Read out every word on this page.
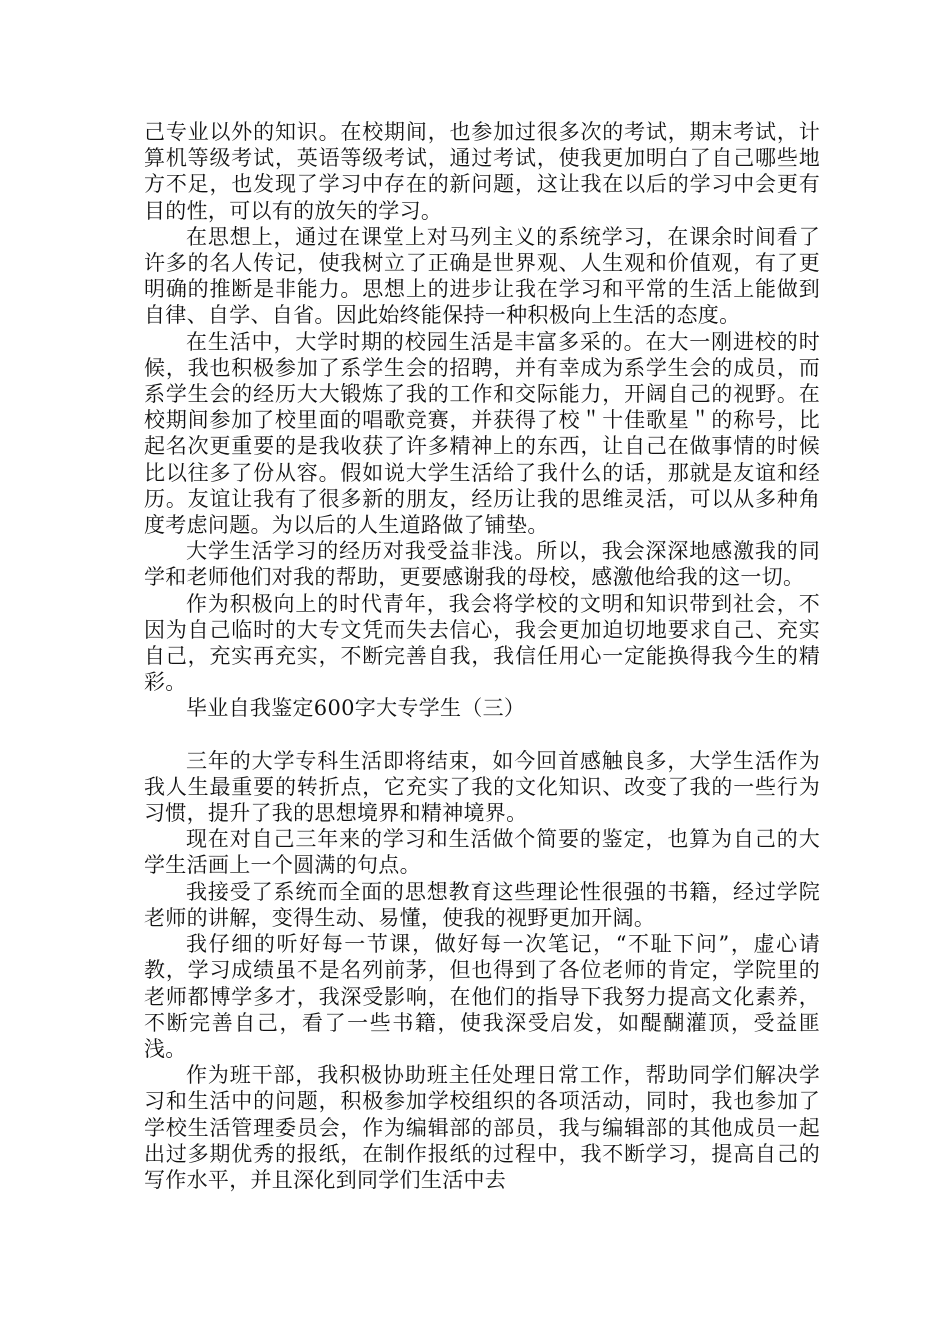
己专业以外的知识。在校期间，也参加过很多次的考试，期末考试，计算机等级考试，英语等级考试，通过考试，使我更加明白了自己哪些地方不足，也发现了学习中存在的新问题，这让我在以后的学习中会更有目的性，可以有的放矢的学习。

在思想上，通过在课堂上对马列主义的系统学习，在课余时间看了许多的名人传记，使我树立了正确是世界观、人生观和价值观，有了更明确的推断是非能力。思想上的进步让我在学习和平常的生活上能做到自律、自学、自省。因此始终能保持一种积极向上生活的态度。

在生活中，大学时期的校园生活是丰富多采的。在大一刚进校的时候，我也积极参加了系学生会的招聘，并有幸成为系学生会的成员，而系学生会的经历大大锻炼了我的工作和交际能力，开阔自己的视野。在校期间参加了校里面的唱歌竞赛，并获得了校＂十佳歌星＂的称号，比起名次更重要的是我收获了许多精神上的东西，让自己在做事情的时候比以往多了份从容。假如说大学生活给了我什么的话，那就是友谊和经历。友谊让我有了很多新的朋友，经历让我的思维灵活，可以从多种角度考虑问题。为以后的人生道路做了铺垫。

大学生活学习的经历对我受益非浅。所以，我会深深地感激我的同学和老师他们对我的帮助，更要感谢我的母校，感激他给我的这一切。

作为积极向上的时代青年，我会将学校的文明和知识带到社会，不因为自己临时的大专文凭而失去信心，我会更加迫切地要求自己、充实自己，充实再充实，不断完善自我，我信任用心一定能换得我今生的精彩。

毕业自我鉴定600字大专学生（三）

三年的大学专科生活即将结束，如今回首感触良多，大学生活作为我人生最重要的转折点，它充实了我的文化知识、改变了我的一些行为习惯，提升了我的思想境界和精神境界。

现在对自己三年来的学习和生活做个简要的鉴定，也算为自己的大学生活画上一个圆满的句点。

我接受了系统而全面的思想教育这些理论性很强的书籍，经过学院老师的讲解，变得生动、易懂，使我的视野更加开阔。

我仔细的听好每一节课，做好每一次笔记，“不耻下问”，虚心请教，学习成绩虽不是名列前茅，但也得到了各位老师的肯定，学院里的老师都博学多才，我深受影响，在他们的指导下我努力提高文化素养，不断完善自己，看了一些书籍，使我深受启发，如醍醐灌顶，受益匪浅。

作为班干部，我积极协助班主任处理日常工作，帮助同学们解决学习和生活中的问题，积极参加学校组织的各项活动，同时，我也参加了学校生活管理委员会，作为编辑部的部员，我与编辑部的其他成员一起出过多期优秀的报纸，在制作报纸的过程中，我不断学习，提高自己的写作水平，并且深化到同学们生活中去
